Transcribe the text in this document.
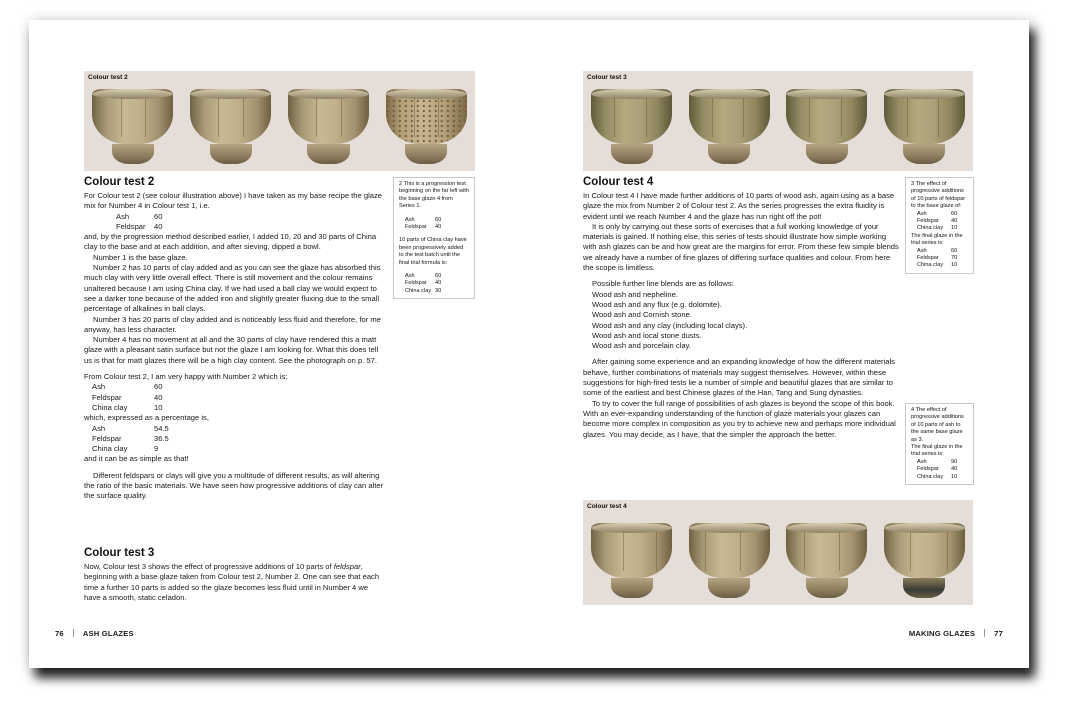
Colour test 2
Colour test 2

For Colour test 2 (see colour illustration above) I have taken as my base recipe the glaze mix for Number 4 in Colour test 1, i.e.

Ash	60
Feldspar	40

and, by the progression method described earlier, I added 10, 20 and 30 parts of China clay to the base and at each addition, and after sieving, dipped a bowl.

Number 1 is the base glaze.

Number 2 has 10 parts of clay added and as you can see the glaze has absorbed this much clay with very little overall effect. There is still movement and the colour remains unaltered because I am using China clay. If we had used a ball clay we would expect to see a darker tone because of the added iron and slightly greater fluxing due to the small percentage of alkalines in ball clays.

Number 3 has 20 parts of clay added and is noticeably less fluid and therefore, for me anyway, has less character.

Number 4 has no movement at all and the 30 parts of clay have rendered this a matt glaze with a pleasant satin surface but not the glaze I am looking for. What this does tell us is that for matt glazes there will be a high clay content. See the photograph on p. 57.

From Colour test 2, I am very happy with Number 2 which is:

Ash	60
Feldspar	40
China clay	10

which, expressed as a percentage is,

Ash	54.5
Feldspar	36.5
China clay	9

and it can be as simple as that!

Different feldspars or clays will give you a multitude of different results, as will altering the ratio of the basic materials. We have seen how progressive additions of clay can alter the surface quality.

Colour test 3

Now, Colour test 3 shows the effect of progressive additions of 10 parts of feldspar, beginning with a base glaze taken from Colour test 2, Number 2. One can see that each time a further 10 parts is added so the glaze becomes less fluid until in Number 4 we have a smooth, static celadon.

2 This is a progression test beginning on the far left with the base glaze 4 from Series 1.
Ash	60
Feldspar	40
10 parts of China clay have been progressively added to the test batch until the final trial formula is:
Ash	60
Feldspar	40
China clay 30
76	ASH GLAZES
Colour test 3
Colour test 4

In Colour test 4 I have made further additions of 10 parts of wood ash, again using as a base glaze the mix from Number 2 of Colour test 2. As the series progresses the extra fluidity is evident until we reach Number 4 and the glaze has run right off the pot!

It is only by carrying out these sorts of exercises that a full working knowledge of your materials is gained. If nothing else, this series of tests should illustrate how simple working with ash glazes can be and how great are the margins for error. From these few simple blends we already have a number of fine glazes of differing surface qualities and colour. From here the scope is limitless.

Possible further line blends are as follows:

Wood ash and nepheline.

Wood ash and any flux (e.g. dolomite).

Wood ash and Cornish stone.

Wood ash and any clay (including local clays).

Wood ash and local stone dusts.

Wood ash and porcelain clay.

After gaining some experience and an expanding knowledge of how the different materials behave, further combinations of materials may suggest themselves. However, within these suggestions for high-fired tests lie a number of simple and beautiful glazes that are similar to some of the earliest and best Chinese glazes of the Han, Tang and Sung dynasties.

To try to cover the full range of possibilities of ash glazes is beyond the scope of this book. With an ever-expanding understanding of the function of glaze materials your glazes can become more complex in composition as you try to achieve new and perhaps more individual glazes. You may decide, as I have, that the simpler the approach the better.

3 The effect of progressive additions of 10 parts of feldspar to the base glaze of:
Ash	60
Feldspar	40
China clay	10
The final glaze in the trial series is:
Ash	60
Feldspar	70
China clay	10
4 The effect of progressive additions of 10 parts of ash to the same base glaze as 3.
The final glaze in the trial series is:
Ash	90
Feldspar	40
China clay	10
Colour test 4
MAKING GLAZES	77
